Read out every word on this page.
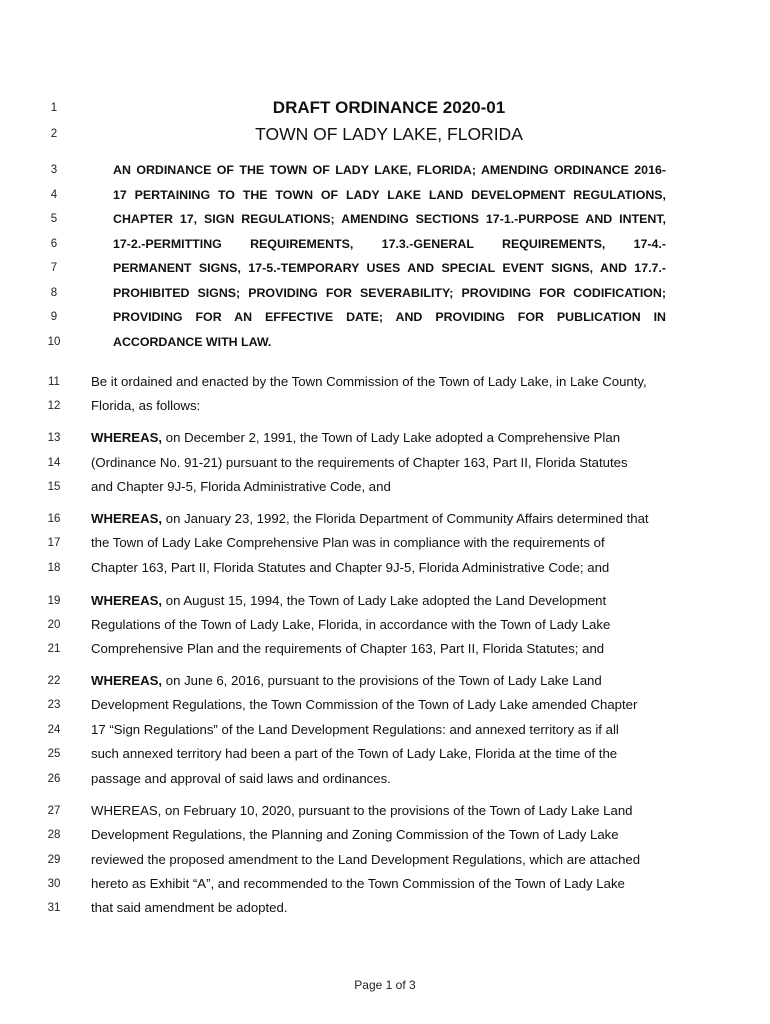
1	DRAFT ORDINANCE 2020-01
2	TOWN OF LADY LAKE, FLORIDA
3	AN ORDINANCE OF THE TOWN OF LADY LAKE, FLORIDA; AMENDING ORDINANCE 2016-
4	17 PERTAINING TO THE TOWN OF LADY LAKE LAND DEVELOPMENT REGULATIONS,
5	CHAPTER 17, SIGN REGULATIONS; AMENDING SECTIONS 17-1.-PURPOSE AND INTENT,
6	17-2.-PERMITTING REQUIREMENTS, 17.3.-GENERAL REQUIREMENTS, 17-4.-
7	PERMANENT SIGNS, 17-5.-TEMPORARY USES AND SPECIAL EVENT SIGNS, AND 17.7.-
8	PROHIBITED SIGNS; PROVIDING FOR SEVERABILITY; PROVIDING FOR CODIFICATION;
9	PROVIDING FOR AN EFFECTIVE DATE; AND PROVIDING FOR PUBLICATION IN
10	ACCORDANCE WITH LAW.
11	Be it ordained and enacted by the Town Commission of the Town of Lady Lake, in Lake County,
12	Florida, as follows:
13	WHEREAS, on December 2, 1991, the Town of Lady Lake adopted a Comprehensive Plan
14	(Ordinance No. 91-21) pursuant to the requirements of Chapter 163, Part II, Florida Statutes
15	and Chapter 9J-5, Florida Administrative Code, and
16	WHEREAS, on January 23, 1992, the Florida Department of Community Affairs determined that
17	the Town of Lady Lake Comprehensive Plan was in compliance with the requirements of
18	Chapter 163, Part II, Florida Statutes and Chapter 9J-5, Florida Administrative Code; and
19	WHEREAS, on August 15, 1994, the Town of Lady Lake adopted the Land Development
20	Regulations of the Town of Lady Lake, Florida, in accordance with the Town of Lady Lake
21	Comprehensive Plan and the requirements of Chapter 163, Part II, Florida Statutes; and
22	WHEREAS, on June 6, 2016, pursuant to the provisions of the Town of Lady Lake Land
23	Development Regulations, the Town Commission of the Town of Lady Lake amended Chapter
24	17 “Sign Regulations” of the Land Development Regulations: and annexed territory as if all
25	such annexed territory had been a part of the Town of Lady Lake, Florida at the time of the
26	passage and approval of said laws and ordinances.
27	WHEREAS, on February 10, 2020, pursuant to the provisions of the Town of Lady Lake Land
28	Development Regulations, the Planning and Zoning Commission of the Town of Lady Lake
29	reviewed the proposed amendment to the Land Development Regulations, which are attached
30	hereto as Exhibit “A”, and recommended to the Town Commission of the Town of Lady Lake
31	that said amendment be adopted.
Page 1 of 3
